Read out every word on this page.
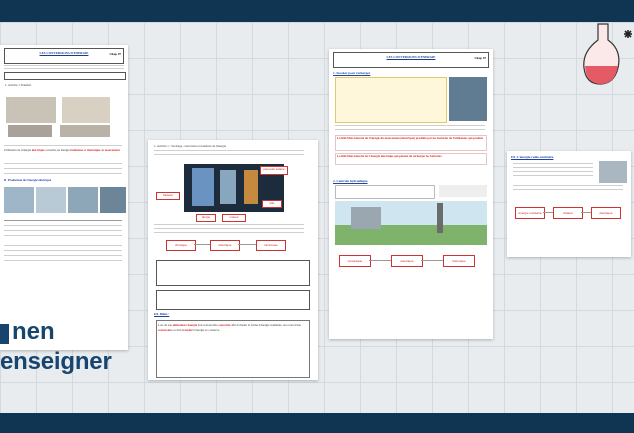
LES CONVERSIONS D'ENERGIE	Chap. 07
1. Activité 1 Transfert
Utilisation de l'énergie électrique convertie en énergie lumineuse et thermique de mouvement
II. Production de l'énergie électrique
1. Activité 1 : Stockage, conversion et transferts de l'énergie
batterie
panneau solaire
pile
lampe	moteur
chimique	électrique	lumineuse
III. Bilan :
Lors de son utilisation l'énergie doit souvent être convertie afin d'obtenir la forme d'énergie souhaitée. Au cours d'une conversion ou d'un transfert l'énergie se conserve.
LES CONVERSIONS D'ENERGIE	Chap. 07
1. Stocker pour recharger
La lithi Mais batterie de l'énergie du mouvement (électrique) produite par les bactéries de l'utilisateur qui produit
La lithi Mais batterie les l'énergie électrique qui permet de recharger les batteries.
2. Centrale hydraulique
mécanique	électrique	thermique
III. L'énergie radio-nucléaire
énergie nucléaire	chaleur	électrique
nen
enseigner
